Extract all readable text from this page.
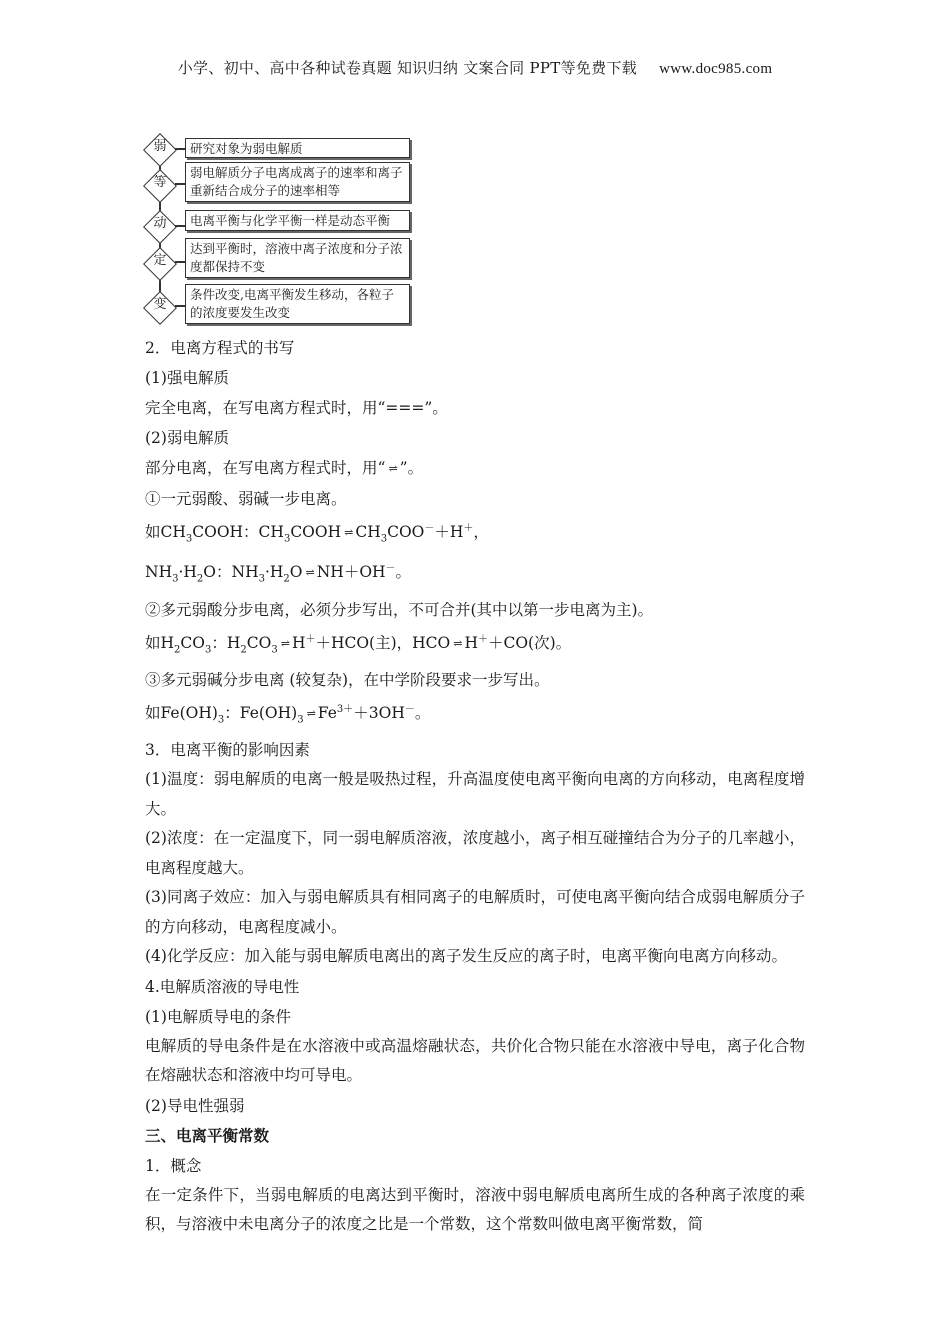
小学、初中、高中各种试卷真题 知识归纳 文案合同 PPT等免费下载 www.doc985.com
弱	研究对象为弱电解质
等
弱电解质分子电离成离子的速率和离子重新结合成分子的速率相等
动	电离平衡与化学平衡一样是动态平衡
定
达到平衡时，溶液中离子浓度和分子浓度都保持不变
变
条件改变,电离平衡发生移动，各粒子的浓度要发生改变
2．电离方程式的书写
(1)强电解质
完全电离，在写电离方程式时，用“===”。
(2)弱电解质
部分电离，在写电离方程式时，用“ ⇌ ”。
①一元弱酸、弱碱一步电离。
如$CH_3COOH$：$CH_3COOH$ ⇌ $CH_3COO^-+H^+$，
$NH_3\cdot H_2O$：$NH_3\cdot H_2O$ ⇌ NH＋OH－。
②多元弱酸分步电离，必须分步写出，不可合并(其中以第一步电离为主)。
如$H_2CO_3$：$H_2CO_3$ ⇌ H＋＋HCO(主)，HCO ⇌ H＋＋CO(次)。
③多元弱碱分步电离 (较复杂)，在中学阶段要求一步写出。
如$Fe(OH)_3$：$Fe(OH)_3$ ⇌ $Fe^{3+}+3OH^-$。
3．电离平衡的影响因素
(1)温度：弱电解质的电离一般是吸热过程，升高温度使电离平衡向电离的方向移动，电离程度增大。
(2)浓度：在一定温度下，同一弱电解质溶液，浓度越小，离子相互碰撞结合为分子的几率越小，电离程度越大。
(3)同离子效应：加入与弱电解质具有相同离子的电解质时，可使电离平衡向结合成弱电解质分子的方向移动，电离程度减小。
(4)化学反应：加入能与弱电解质电离出的离子发生反应的离子时，电离平衡向电离方向移动。
4.电解质溶液的导电性
(1)电解质导电的条件
电解质的导电条件是在水溶液中或高温熔融状态，共价化合物只能在水溶液中导电，离子化合物在熔融状态和溶液中均可导电。
(2)导电性强弱
三、电离平衡常数
1．概念
在一定条件下，当弱电解质的电离达到平衡时，溶液中弱电解质电离所生成的各种离子浓度的乘积，与溶液中未电离分子的浓度之比是一个常数，这个常数叫做电离平衡常数，简
